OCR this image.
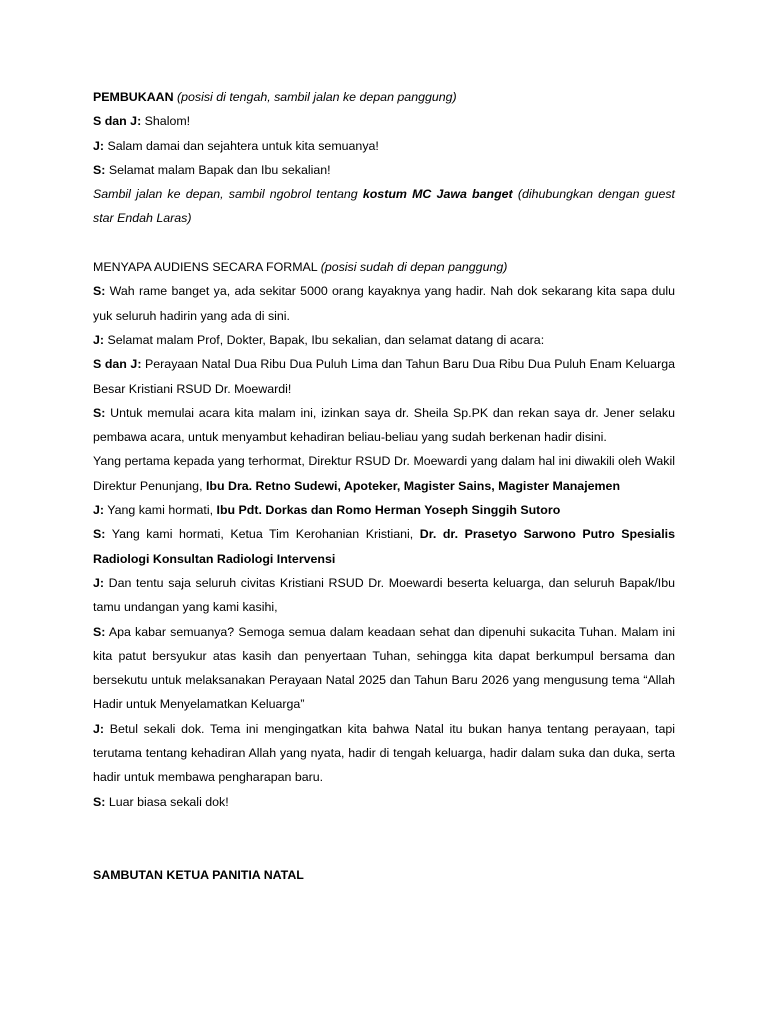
PEMBUKAAN (posisi di tengah, sambil jalan ke depan panggung)

S dan J: Shalom!

J: Salam damai dan sejahtera untuk kita semuanya!

S: Selamat malam Bapak dan Ibu sekalian!

Sambil jalan ke depan, sambil ngobrol tentang kostum MC Jawa banget (dihubungkan dengan guest star Endah Laras)

MENYAPA AUDIENS SECARA FORMAL (posisi sudah di depan panggung)

S: Wah rame banget ya, ada sekitar 5000 orang kayaknya yang hadir. Nah dok sekarang kita sapa dulu yuk seluruh hadirin yang ada di sini.

J: Selamat malam Prof, Dokter, Bapak, Ibu sekalian, dan selamat datang di acara:

S dan J: Perayaan Natal Dua Ribu Dua Puluh Lima dan Tahun Baru Dua Ribu Dua Puluh Enam Keluarga Besar Kristiani RSUD Dr. Moewardi!

S: Untuk memulai acara kita malam ini, izinkan saya dr. Sheila Sp.PK dan rekan saya dr. Jener selaku pembawa acara, untuk menyambut kehadiran beliau-beliau yang sudah berkenan hadir disini.

Yang pertama kepada yang terhormat, Direktur RSUD Dr. Moewardi yang dalam hal ini diwakili oleh Wakil Direktur Penunjang, Ibu Dra. Retno Sudewi, Apoteker, Magister Sains, Magister Manajemen

J: Yang kami hormati, Ibu Pdt. Dorkas dan Romo Herman Yoseph Singgih Sutoro

S: Yang kami hormati, Ketua Tim Kerohanian Kristiani, Dr. dr. Prasetyo Sarwono Putro Spesialis Radiologi Konsultan Radiologi Intervensi

J: Dan tentu saja seluruh civitas Kristiani RSUD Dr. Moewardi beserta keluarga, dan seluruh Bapak/Ibu tamu undangan yang kami kasihi,

S: Apa kabar semuanya? Semoga semua dalam keadaan sehat dan dipenuhi sukacita Tuhan. Malam ini kita patut bersyukur atas kasih dan penyertaan Tuhan, sehingga kita dapat berkumpul bersama dan bersekutu untuk melaksanakan Perayaan Natal 2025 dan Tahun Baru 2026 yang mengusung tema “Allah Hadir untuk Menyelamatkan Keluarga”

J: Betul sekali dok. Tema ini mengingatkan kita bahwa Natal itu bukan hanya tentang perayaan, tapi terutama tentang kehadiran Allah yang nyata, hadir di tengah keluarga, hadir dalam suka dan duka, serta hadir untuk membawa pengharapan baru.

S: Luar biasa sekali dok!

SAMBUTAN KETUA PANITIA NATAL
